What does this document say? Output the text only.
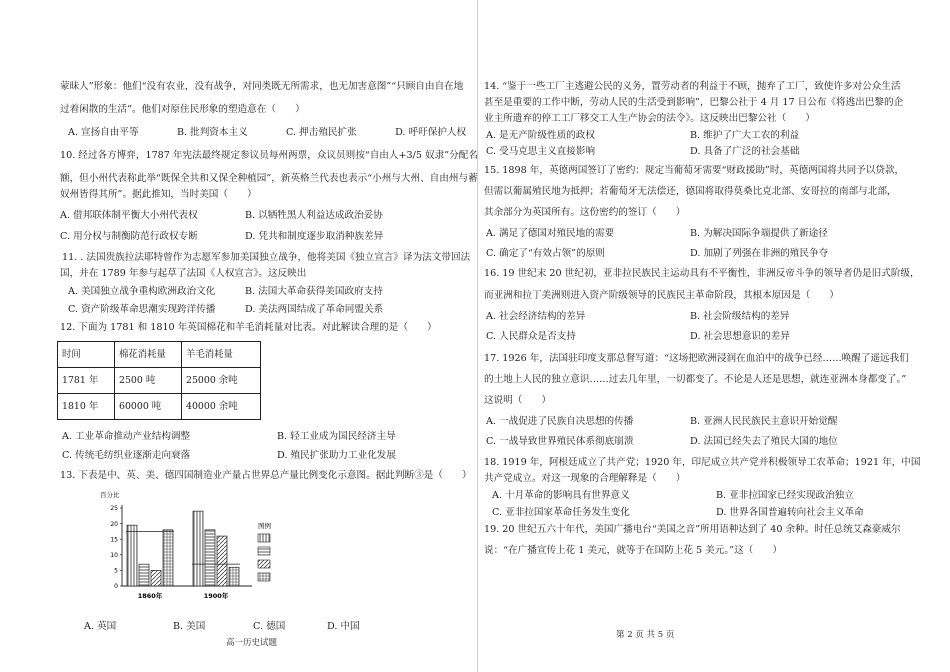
蒙昧人”形象：他们“没有农业，没有战争，对同类既无所需求，也无加害意图”“只顾自由自在地
过着闲散的生活”。他们对原住民形象的塑造意在（　　）
A. 宣扬自由平等　　　　B. 批判资本主义　　　　C. 押击殖民扩张　　　　D. 呼吁保护人权
10. 经过各方博弈，1787 年宪法最终规定参议员每州两票，众议员则按“自由人+3/5 奴隶”分配名
额，但小州代表称此举“既保全共和又保全种植园”，新英格兰代表也表示“小州与大州、自由州与蓄
奴州皆得其所”。据此推知，当时美国（　　）
A. 借邦联体制平衡大小州代表权	B. 以牺牲黑人利益达成政治妥协
C. 用分权与制衡防范行政权专断	D. 凭共和制度逐步取消种族差异
11. . 法国贵族拉法耶特曾作为志愿军参加美国独立战争，他将美国《独立宣言》译为法文带回法
国，并在 1789 年参与起草了法国《人权宣言》。这反映出
A. 美国独立战争重构欧洲政治文化	B. 法国大革命获得美国政府支持
C. 资产阶级革命思潮实现跨洋传播	D. 美法两国结成了革命同盟关系
12. 下面为 1781 和 1810 年英国棉花和羊毛消耗量对比表。对此解读合理的是（　　）
时间	棉花消耗量	羊毛消耗量
1781 年	2500 吨	25000 余吨
1810 年	60000 吨	40000 余吨
A. 工业革命推动产业结构调整	B. 轻工业成为国民经济主导
C. 传统毛纺织业逐渐走向衰落	D. 殖民扩张助力工业化发展
13. 下表是中、英、美、德四国制造业产量占世界总产量比例变化示意图。据此判断③是（　　）
百分比
0
5
10
15
20
25
1860年	1900年
图例
A. 英国	B. 美国	C. 德国	D. 中国
高一历史试题
14. “鉴于一些工厂主逃避公民的义务，置劳动者的利益于不顾，抛弃了工厂，致使许多对公众生活
甚至是重要的工作中断，劳动人民的生活受到影响”，巴黎公社于 4 月 17 日公布《将逃出巴黎的企
业主所遗弃的停工工厂移交工人生产协会的法令》。这反映出巴黎公社（　　）
A. 是无产阶级性质的政权	B. 维护了广大工农的利益
C. 受马克思主义直接影响	D. 具备了广泛的社会基础
15. 1898 年，英德两国签订了密约：规定当葡萄牙需要“财政援助”时，英德两国将共同予以贷款，
但需以葡属殖民地为抵押；若葡萄牙无法偿还，德国将取得莫桑比克北部、安哥拉的南部与北部，
其余部分为英国所有。这份密约的签订（　　）
A. 满足了德国对殖民地的需要	B. 为解决国际争端提供了新途径
C. 确定了“有效占领”的原则	D. 加剧了列强在非洲的殖民争夺
16. 19 世纪末 20 世纪初，亚非拉民族民主运动具有不平衡性，非洲反帝斗争的领导者仍是旧式阶级，
而亚洲和拉丁美洲则进入资产阶级领导的民族民主革命阶段，其根本原因是（　　）
A. 社会经济结构的差异	B. 社会阶级结构的差异
C. 人民群众是否支持	D. 社会思想意识的差异
17. 1926 年，法国驻印度支那总督写道：“这场把欧洲浸润在血泊中的战争已经……唤醒了遥远我们
的土地上人民的独立意识……过去几年里，一切都变了。不论是人还是思想，就连亚洲本身都变了。”
这说明（　　）
A. 一战促进了民族自决思想的传播	B. 亚洲人民民族民主意识开始觉醒
C. 一战导致世界殖民体系彻底崩溃	D. 法国已经失去了殖民大国的地位
18. 1919 年，阿根廷成立了共产党；1920 年，印尼成立共产党并积极领导工农革命；1921 年，中国
共产党成立。对这一现象的合理解释是（　　）
A. 十月革命的影响具有世界意义	B. 亚非拉国家已经实现政治独立
C. 亚非拉国家革命任务发生变化	D. 世界各国普遍转向社会主义革命
19. 20 世纪五六十年代，美国广播电台“美国之音”所用语种达到了 40 余种。时任总统艾森豪威尔
说：“在广播宣传上花 1 美元，就等于在国防上花 5 美元。”这（　　）
第 2 页 共 5 页
